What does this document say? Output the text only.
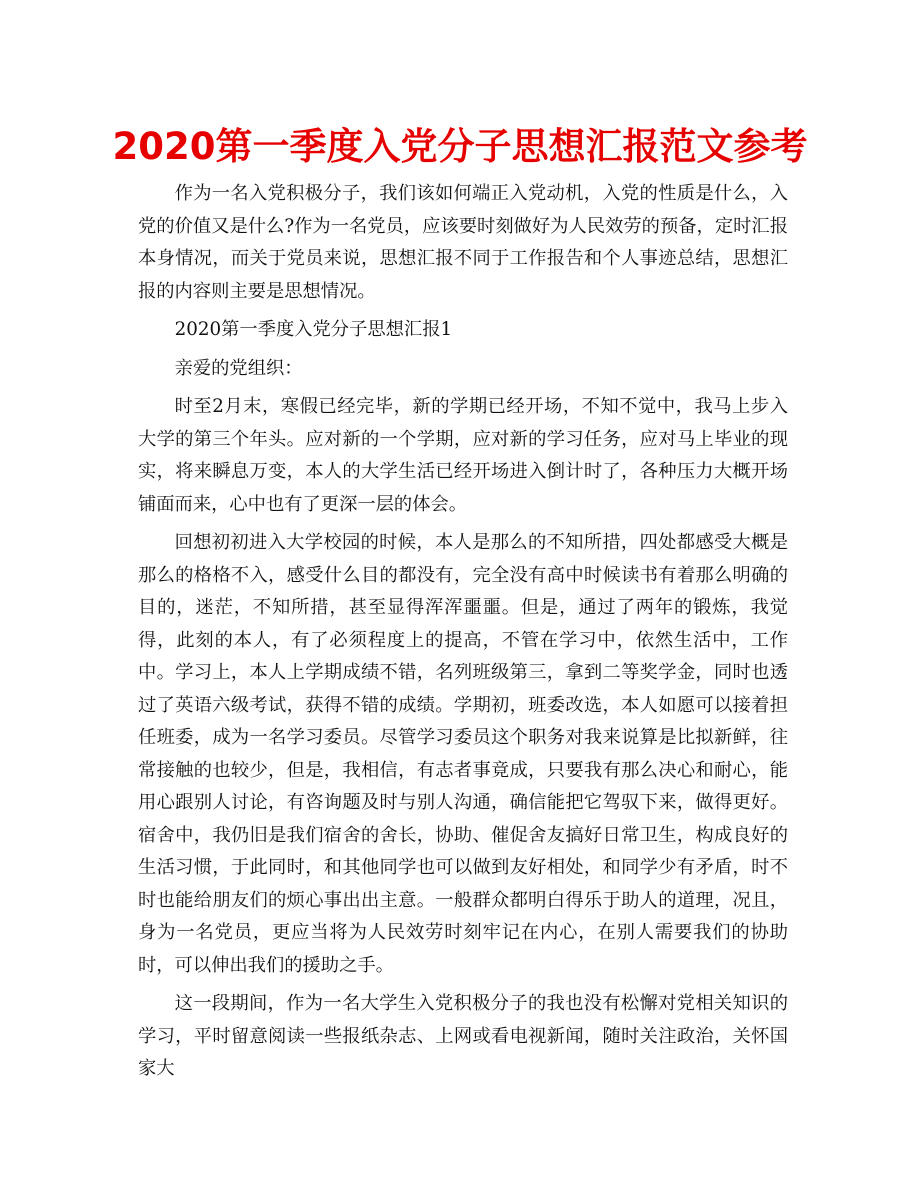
2020第一季度入党分子思想汇报范文参考

作为一名入党积极分子，我们该如何端正入党动机，入党的性质是什么，入党的价值又是什么?作为一名党员，应该要时刻做好为人民效劳的预备，定时汇报本身情况，而关于党员来说，思想汇报不同于工作报告和个人事迹总结，思想汇报的内容则主要是思想情况。

2020第一季度入党分子思想汇报1

亲爱的党组织：

时至2月末，寒假已经完毕，新的学期已经开场，不知不觉中，我马上步入大学的第三个年头。应对新的一个学期，应对新的学习任务，应对马上毕业的现实，将来瞬息万变，本人的大学生活已经开场进入倒计时了，各种压力大概开场铺面而来，心中也有了更深一层的体会。

回想初初进入大学校园的时候，本人是那么的不知所措，四处都感受大概是那么的格格不入，感受什么目的都没有，完全没有高中时候读书有着那么明确的目的，迷茫，不知所措，甚至显得浑浑噩噩。但是，通过了两年的锻炼，我觉得，此刻的本人，有了必须程度上的提高，不管在学习中，依然生活中，工作中。学习上，本人上学期成绩不错，名列班级第三，拿到二等奖学金，同时也透过了英语六级考试，获得不错的成绩。学期初，班委改选，本人如愿可以接着担任班委，成为一名学习委员。尽管学习委员这个职务对我来说算是比拟新鲜，往常接触的也较少，但是，我相信，有志者事竟成，只要我有那么决心和耐心，能用心跟别人讨论，有咨询题及时与别人沟通，确信能把它驾驭下来，做得更好。宿舍中，我仍旧是我们宿舍的舍长，协助、催促舍友搞好日常卫生，构成良好的生活习惯，于此同时，和其他同学也可以做到友好相处，和同学少有矛盾，时不时也能给朋友们的烦心事出出主意。一般群众都明白得乐于助人的道理，况且，身为一名党员，更应当将为人民效劳时刻牢记在内心，在别人需要我们的协助时，可以伸出我们的援助之手。

这一段期间，作为一名大学生入党积极分子的我也没有松懈对党相关知识的学习，平时留意阅读一些报纸杂志、上网或看电视新闻，随时关注政治，关怀国家大
